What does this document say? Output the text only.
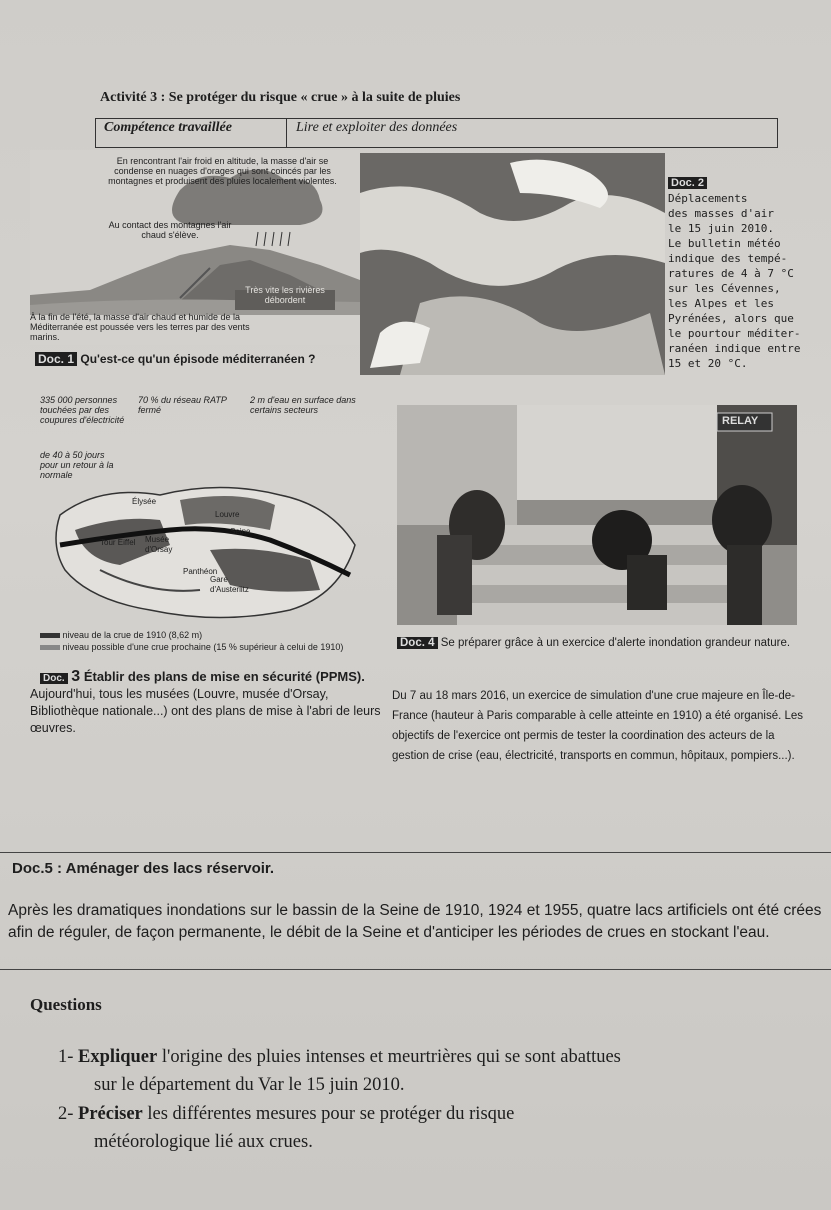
Activité 3 : Se protéger du risque « crue » à la suite de pluies
Compétence travaillée	Lire et exploiter des données
En rencontrant l'air froid en altitude, la masse d'air se condense en nuages d'orages qui sont coincés par les montagnes et produisent des pluies localement violentes.
Au contact des montagnes l'air chaud s'élève.
Très vite les rivières débordent
À la fin de l'été, la masse d'air chaud et humide de la Méditerranée est poussée vers les terres par des vents marins.
Doc. 1 Qu'est-ce qu'un épisode méditerranéen ?
Doc. 2
Déplacements
des masses d'air
le 15 juin 2010.
Le bulletin météo
indique des tempé-
ratures de 4 à 7 °C
sur les Cévennes,
les Alpes et les
Pyrénées, alors que
le pourtour méditer-
ranéen indique entre
15 et 20 °C.
335 000 personnes touchées par des coupures d'électricité
70 % du réseau RATP fermé
2 m d'eau en surface dans certains secteurs
de 40 à 50 jours pour un retour à la normale
Élysée
Louvre
Tour Eiffel Musée d'Orsay
Seine
Panthéon
Gare d'Austerlitz
niveau de la crue de 1910 (8,62 m)
niveau possible d'une crue prochaine (15 % supérieur à celui de 1910)
RELAY
Doc. 4 Se préparer grâce à un exercice d'alerte inondation grandeur nature.
Doc. 3 Établir des plans de mise en sécurité (PPMS).
Aujourd'hui, tous les musées (Louvre, musée d'Orsay, Bibliothèque nationale...) ont des plans de mise à l'abri de leurs œuvres.
Du 7 au 18 mars 2016, un exercice de simulation d'une crue majeure en Île-de- France (hauteur à Paris comparable à celle atteinte en 1910) a été organisé. Les objectifs de l'exercice ont permis de tester la coordination des acteurs de la gestion de crise (eau, électricité, transports en commun, hôpitaux, pompiers...).
Doc.5 : Aménager des lacs réservoir.
Après les dramatiques inondations sur le bassin de la Seine de 1910, 1924 et 1955, quatre lacs artificiels ont été crées afin de réguler, de façon permanente, le débit de la Seine et d'anticiper les périodes de crues en stockant l'eau.
Questions
1- Expliquer l'origine des pluies intenses et meurtrières qui se sont abattues
sur le département du Var le 15 juin 2010.
2- Préciser les différentes mesures pour se protéger du risque
météorologique lié aux crues.
